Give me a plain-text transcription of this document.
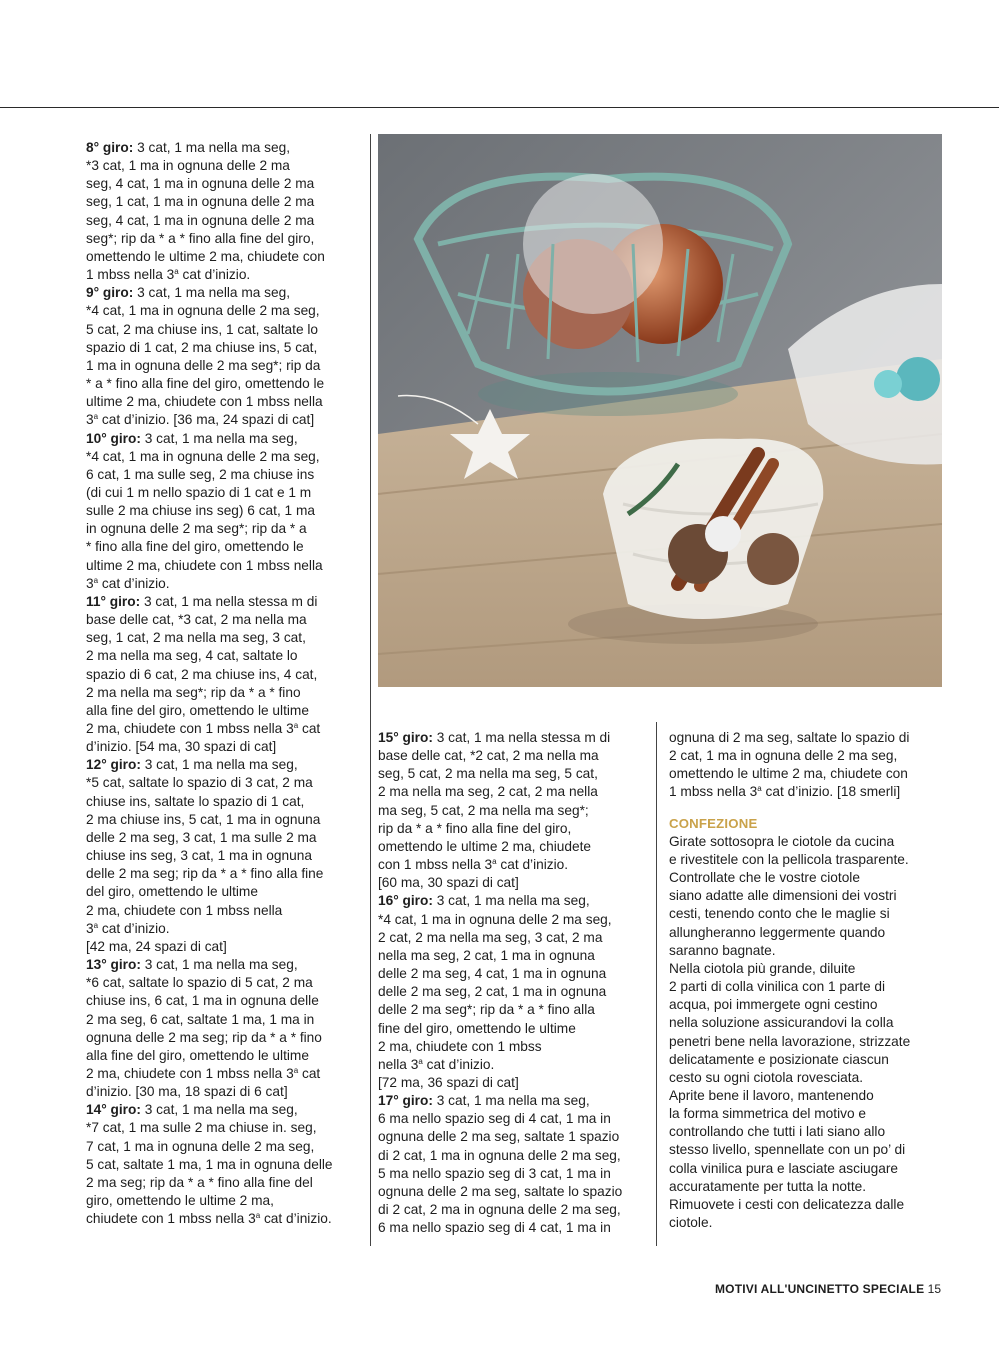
8° giro: 3 cat, 1 ma nella ma seg,

*3 cat, 1 ma in ognuna delle 2 ma

seg, 4 cat, 1 ma in ognuna delle 2 ma

seg, 1 cat, 1 ma in ognuna delle 2 ma

seg, 4 cat, 1 ma in ognuna delle 2 ma

seg*; rip da * a * fino alla fine del giro,

omettendo le ultime 2 ma, chiudete con

1 mbss nella 3$^a$ cat d’inizio.

9° giro: 3 cat, 1 ma nella ma seg,

*4 cat, 1 ma in ognuna delle 2 ma seg,

5 cat, 2 ma chiuse ins, 1 cat, saltate lo

spazio di 1 cat, 2 ma chiuse ins, 5 cat,

1 ma in ognuna delle 2 ma seg*; rip da

* a * fino alla fine del giro, omettendo le

ultime 2 ma, chiudete con 1 mbss nella

3$^a$ cat d’inizio. [36 ma, 24 spazi di cat]

10° giro: 3 cat, 1 ma nella ma seg,

*4 cat, 1 ma in ognuna delle 2 ma seg,

6 cat, 1 ma sulle seg, 2 ma chiuse ins

(di cui 1 m nello spazio di 1 cat e 1 m

sulle 2 ma chiuse ins seg) 6 cat, 1 ma

in ognuna delle 2 ma seg*; rip da * a

* fino alla fine del giro, omettendo le

ultime 2 ma, chiudete con 1 mbss nella

3$^a$ cat d’inizio.

11° giro: 3 cat, 1 ma nella stessa m di

base delle cat, *3 cat, 2 ma nella ma

seg, 1 cat, 2 ma nella ma seg, 3 cat,

2 ma nella ma seg, 4 cat, saltate lo

spazio di 6 cat, 2 ma chiuse ins, 4 cat,

2 ma nella ma seg*; rip da * a * fino

alla fine del giro, omettendo le ultime

2 ma, chiudete con 1 mbss nella 3$^a$ cat

d’inizio. [54 ma, 30 spazi di cat]

12° giro: 3 cat, 1 ma nella ma seg,

*5 cat, saltate lo spazio di 3 cat, 2 ma

chiuse ins, saltate lo spazio di 1 cat,

2 ma chiuse ins, 5 cat, 1 ma in ognuna

delle 2 ma seg, 3 cat, 1 ma sulle 2 ma

chiuse ins seg, 3 cat, 1 ma in ognuna

delle 2 ma seg; rip da * a * fino alla fine

del giro, omettendo le ultime

2 ma, chiudete con 1 mbss nella

3$^a$ cat d’inizio.

[42 ma, 24 spazi di cat]

13° giro: 3 cat, 1 ma nella ma seg,

*6 cat, saltate lo spazio di 5 cat, 2 ma

chiuse ins, 6 cat, 1 ma in ognuna delle

2 ma seg, 6 cat, saltate 1 ma, 1 ma in

ognuna delle 2 ma seg; rip da * a * fino

alla fine del giro, omettendo le ultime

2 ma, chiudete con 1 mbss nella 3$^a$ cat

d’inizio. [30 ma, 18 spazi di 6 cat]

14° giro: 3 cat, 1 ma nella ma seg,

*7 cat, 1 ma sulle 2 ma chiuse in. seg,

7 cat, 1 ma in ognuna delle 2 ma seg,

5 cat, saltate 1 ma, 1 ma in ognuna delle

2 ma seg; rip da * a * fino alla fine del

giro, omettendo le ultime 2 ma,

chiudete con 1 mbss nella 3$^a$ cat d’inizio.

15° giro: 3 cat, 1 ma nella stessa m di

base delle cat, *2 cat, 2 ma nella ma

seg, 5 cat, 2 ma nella ma seg, 5 cat,

2 ma nella ma seg, 2 cat, 2 ma nella

ma seg, 5 cat, 2 ma nella ma seg*;

rip da * a * fino alla fine del giro,

omettendo le ultime 2 ma, chiudete

con 1 mbss nella 3$^a$ cat d’inizio.

[60 ma, 30 spazi di cat]

16° giro: 3 cat, 1 ma nella ma seg,

*4 cat, 1 ma in ognuna delle 2 ma seg,

2 cat, 2 ma nella ma seg, 3 cat, 2 ma

nella ma seg, 2 cat, 1 ma in ognuna

delle 2 ma seg, 4 cat, 1 ma in ognuna

delle 2 ma seg, 2 cat, 1 ma in ognuna

delle 2 ma seg*; rip da * a * fino alla

fine del giro, omettendo le ultime

2 ma, chiudete con 1 mbss

nella 3$^a$ cat d’inizio.

[72 ma, 36 spazi di cat]

17° giro: 3 cat, 1 ma nella ma seg,

6 ma nello spazio seg di 4 cat, 1 ma in

ognuna delle 2 ma seg, saltate 1 spazio

di 2 cat, 1 ma in ognuna delle 2 ma seg,

5 ma nello spazio seg di 3 cat, 1 ma in

ognuna delle 2 ma seg, saltate lo spazio

di 2 cat, 2 ma in ognuna delle 2 ma seg,

6 ma nello spazio seg di 4 cat, 1 ma in

ognuna di 2 ma seg, saltate lo spazio di

2 cat, 1 ma in ognuna delle 2 ma seg,

omettendo le ultime 2 ma, chiudete con

1 mbss nella 3$^a$ cat d’inizio. [18 smerli]

CONFEZIONE

Girate sottosopra le ciotole da cucina

e rivestitele con la pellicola trasparente.

Controllate che le vostre ciotole

siano adatte alle dimensioni dei vostri

cesti, tenendo conto che le maglie si

allungheranno leggermente quando

saranno bagnate.

Nella ciotola più grande, diluite

2 parti di colla vinilica con 1 parte di

acqua, poi immergete ogni cestino

nella soluzione assicurandovi la colla

penetri bene nella lavorazione, strizzate

delicatamente e posizionate ciascun

cesto su ogni ciotola rovesciata.

Aprite bene il lavoro, mantenendo

la forma simmetrica del motivo e

controllando che tutti i lati siano allo

stesso livello, spennellate con un po’ di

colla vinilica pura e lasciate asciugare

accuratamente per tutta la notte.

Rimuovete i cesti con delicatezza dalle

ciotole.

MOTIVI ALL'UNCINETTO SPECIALE 15
